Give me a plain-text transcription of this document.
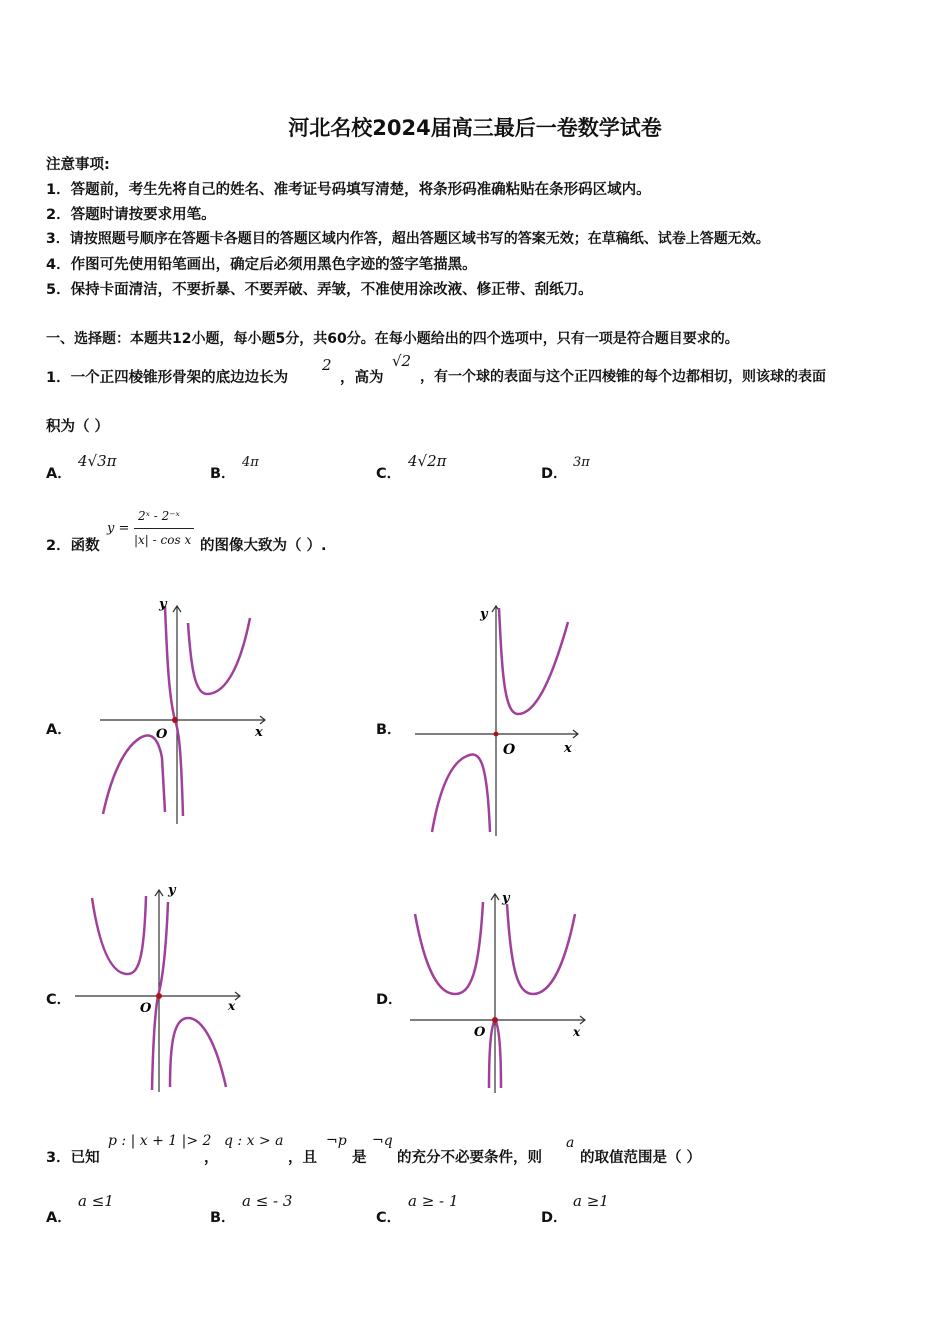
河北名校2024届高三最后一卷数学试卷
注意事项:
1．答题前，考生先将自己的姓名、准考证号码填写清楚，将条形码准确粘贴在条形码区域内。
2．答题时请按要求用笔。
3．请按照题号顺序在答题卡各题目的答题区域内作答，超出答题区域书写的答案无效；在草稿纸、试卷上答题无效。
4．作图可先使用铅笔画出，确定后必须用黑色字迹的签字笔描黑。
5．保持卡面清洁，不要折暴、不要弄破、弄皱，不准使用涂改液、修正带、刮纸刀。
一、选择题：本题共12小题，每小题5分，共60分。在每小题给出的四个选项中，只有一项是符合题目要求的。
1．一个正四棱锥形骨架的底边边长为
2
，高为
√2
，有一个球的表面与这个正四棱锥的每个边都相切，则该球的表面
积为（ ）
A．
4√3π
B．
4π
C．
4√2π
D．
3π
2．函数
y =
2ˣ - 2⁻ˣ
|x| - cos x 的图像大致为（ ）.
A．	B．
C．	D．
y
x
O
y
x
O
y
x
O
y
x
O
3．已知
p : | x + 1 |> 2
，
q : x > a
，且
¬p
是
¬q
的充分不必要条件，则
a
的取值范围是（ ）
A．
a ≤1
B．
a ≤ - 3
C．
a ≥ - 1
D．
a ≥1
